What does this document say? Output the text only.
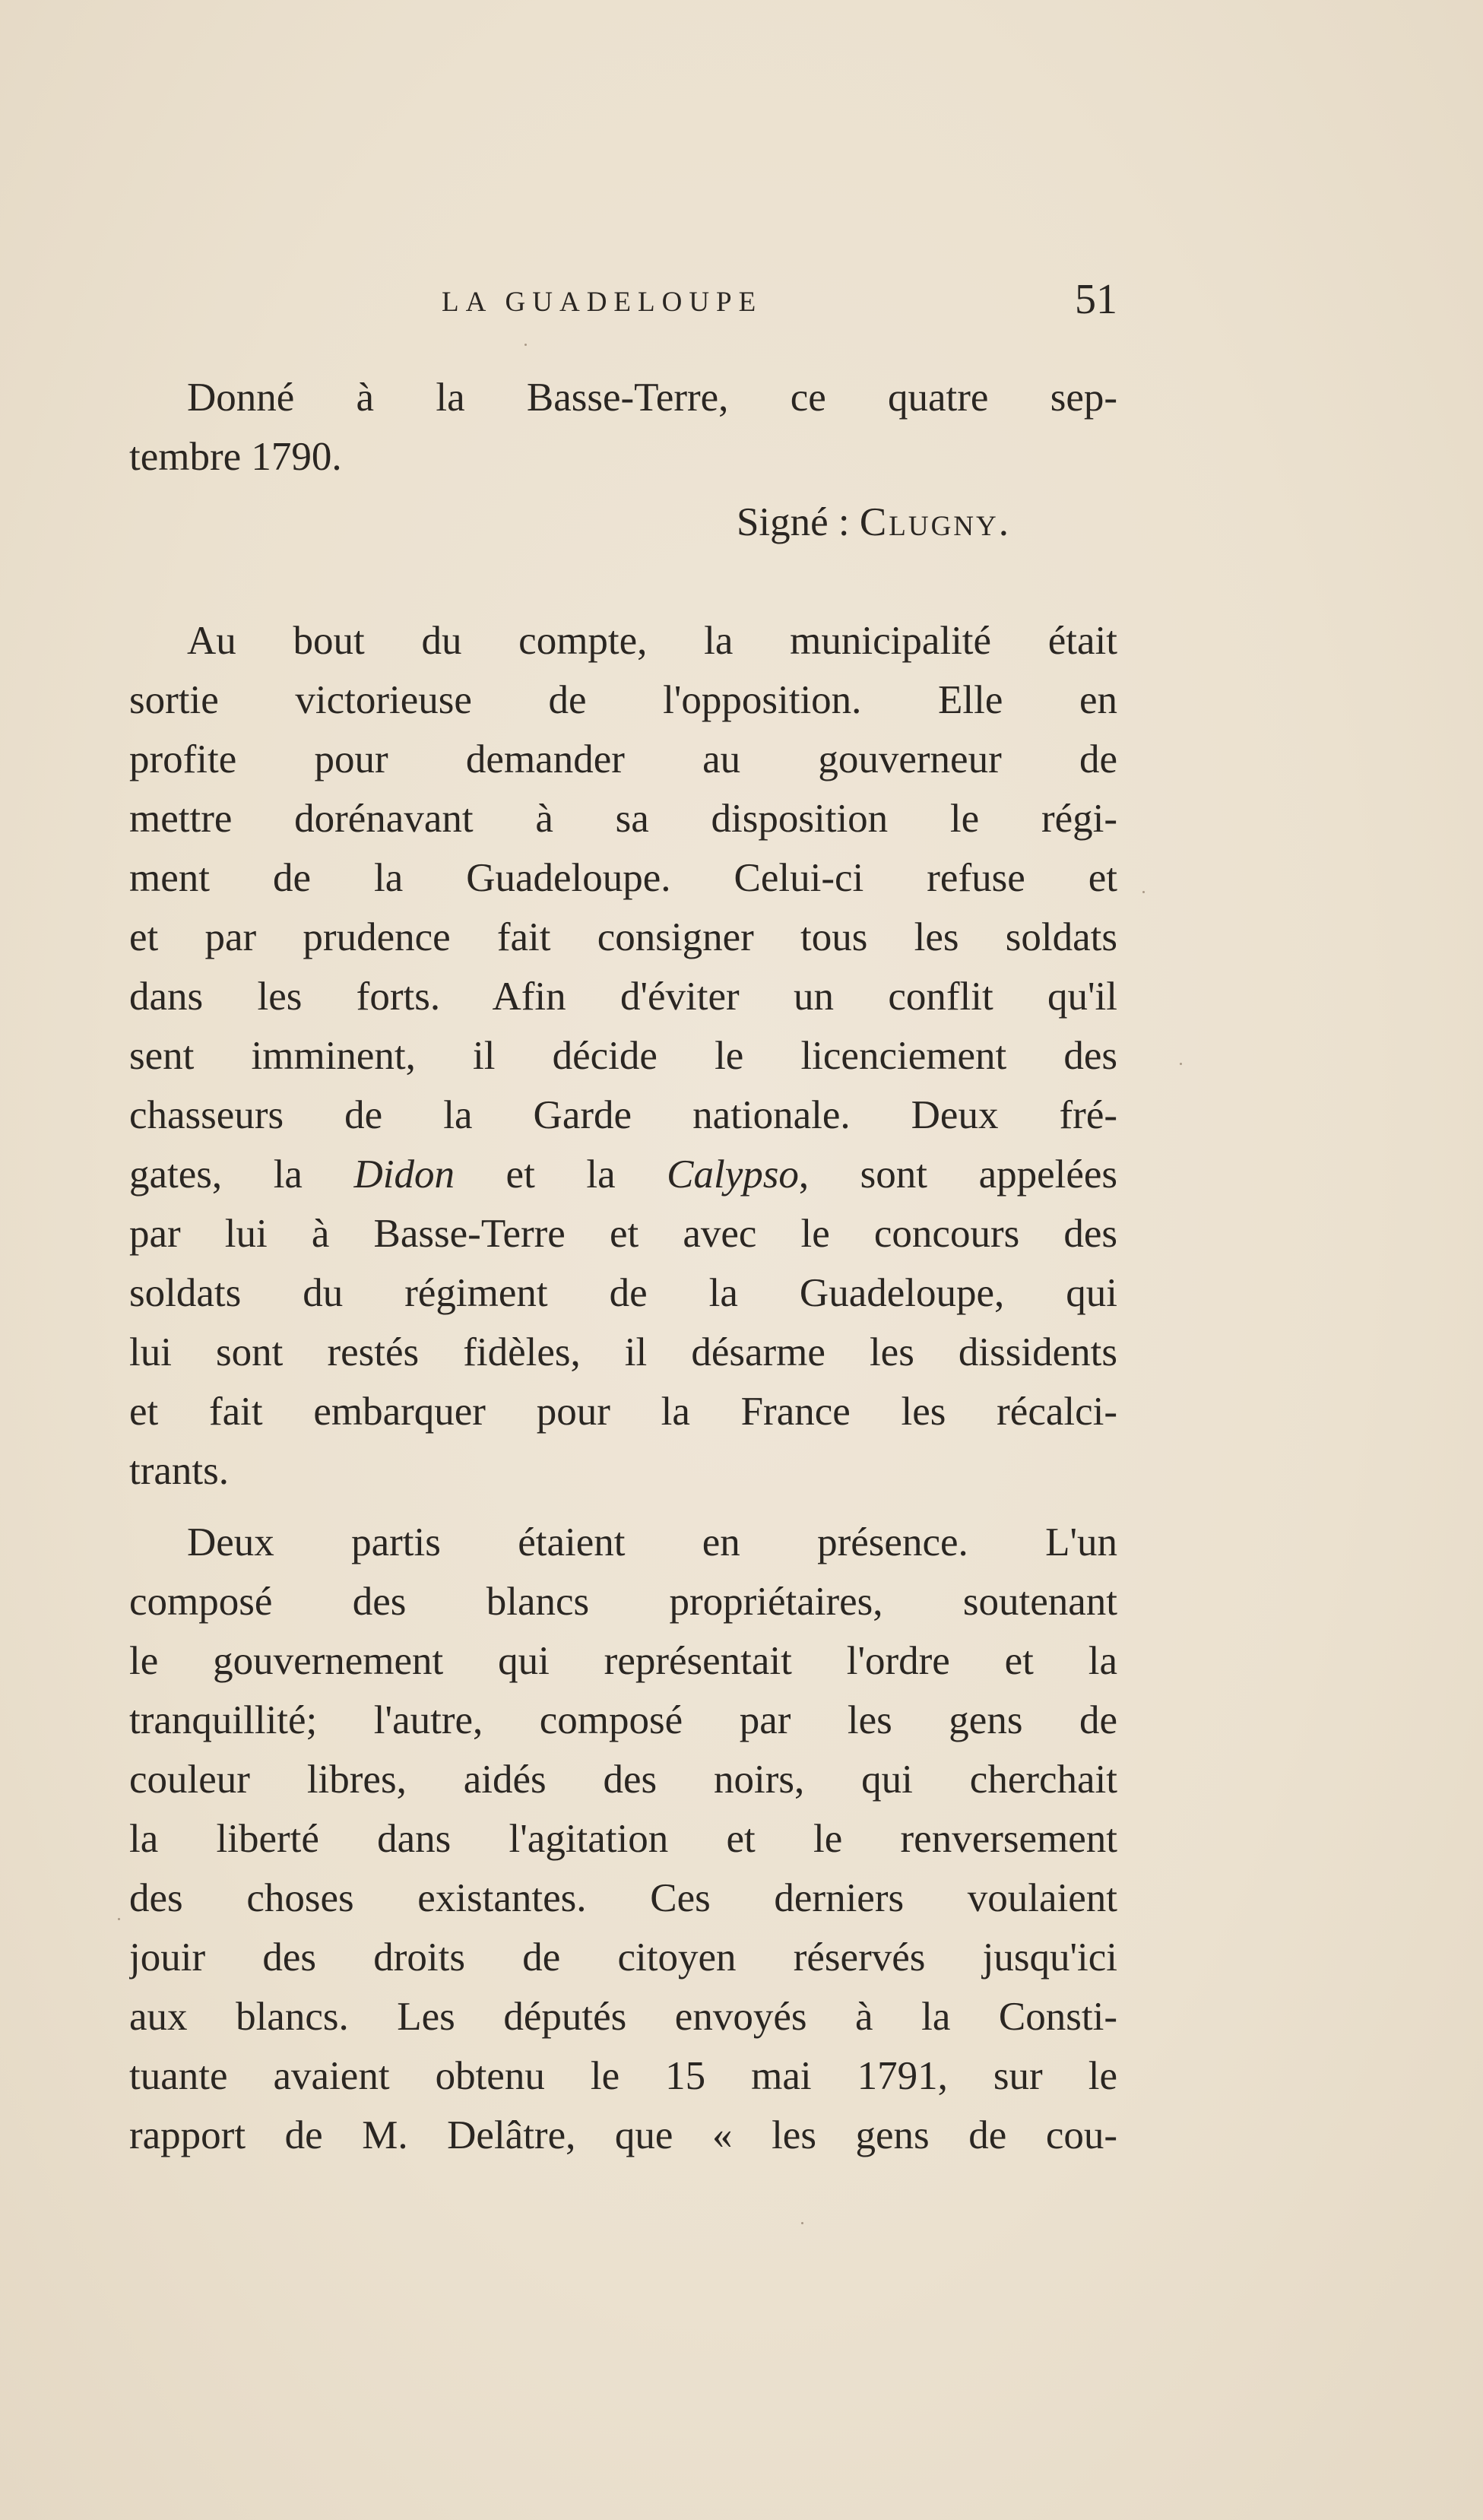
LA GUADELOUPE	51
Donné à la Basse-Terre, ce quatre sep-
tembre 1790.
Signé : Clugny.
Au bout du compte, la municipalité était
sortie victorieuse de l'opposition. Elle en
profite pour demander au gouverneur de
mettre dorénavant à sa disposition le régi-
ment de la Guadeloupe. Celui-ci refuse et
et par prudence fait consigner tous les soldats
dans les forts. Afin d'éviter un conflit qu'il
sent imminent, il décide le licenciement des
chasseurs de la Garde nationale. Deux fré-
gates, la Didon et la Calypso, sont appelées
par lui à Basse-Terre et avec le concours des
soldats du régiment de la Guadeloupe, qui
lui sont restés fidèles, il désarme les dissidents
et fait embarquer pour la France les récalci-
trants.
Deux partis étaient en présence. L'un
composé des blancs propriétaires, soutenant
le gouvernement qui représentait l'ordre et la
tranquillité; l'autre, composé par les gens de
couleur libres, aidés des noirs, qui cherchait
la liberté dans l'agitation et le renversement
des choses existantes. Ces derniers voulaient
jouir des droits de citoyen réservés jusqu'ici
aux blancs. Les députés envoyés à la Consti-
tuante avaient obtenu le 15 mai 1791, sur le
rapport de M. Delâtre, que « les gens de cou-
